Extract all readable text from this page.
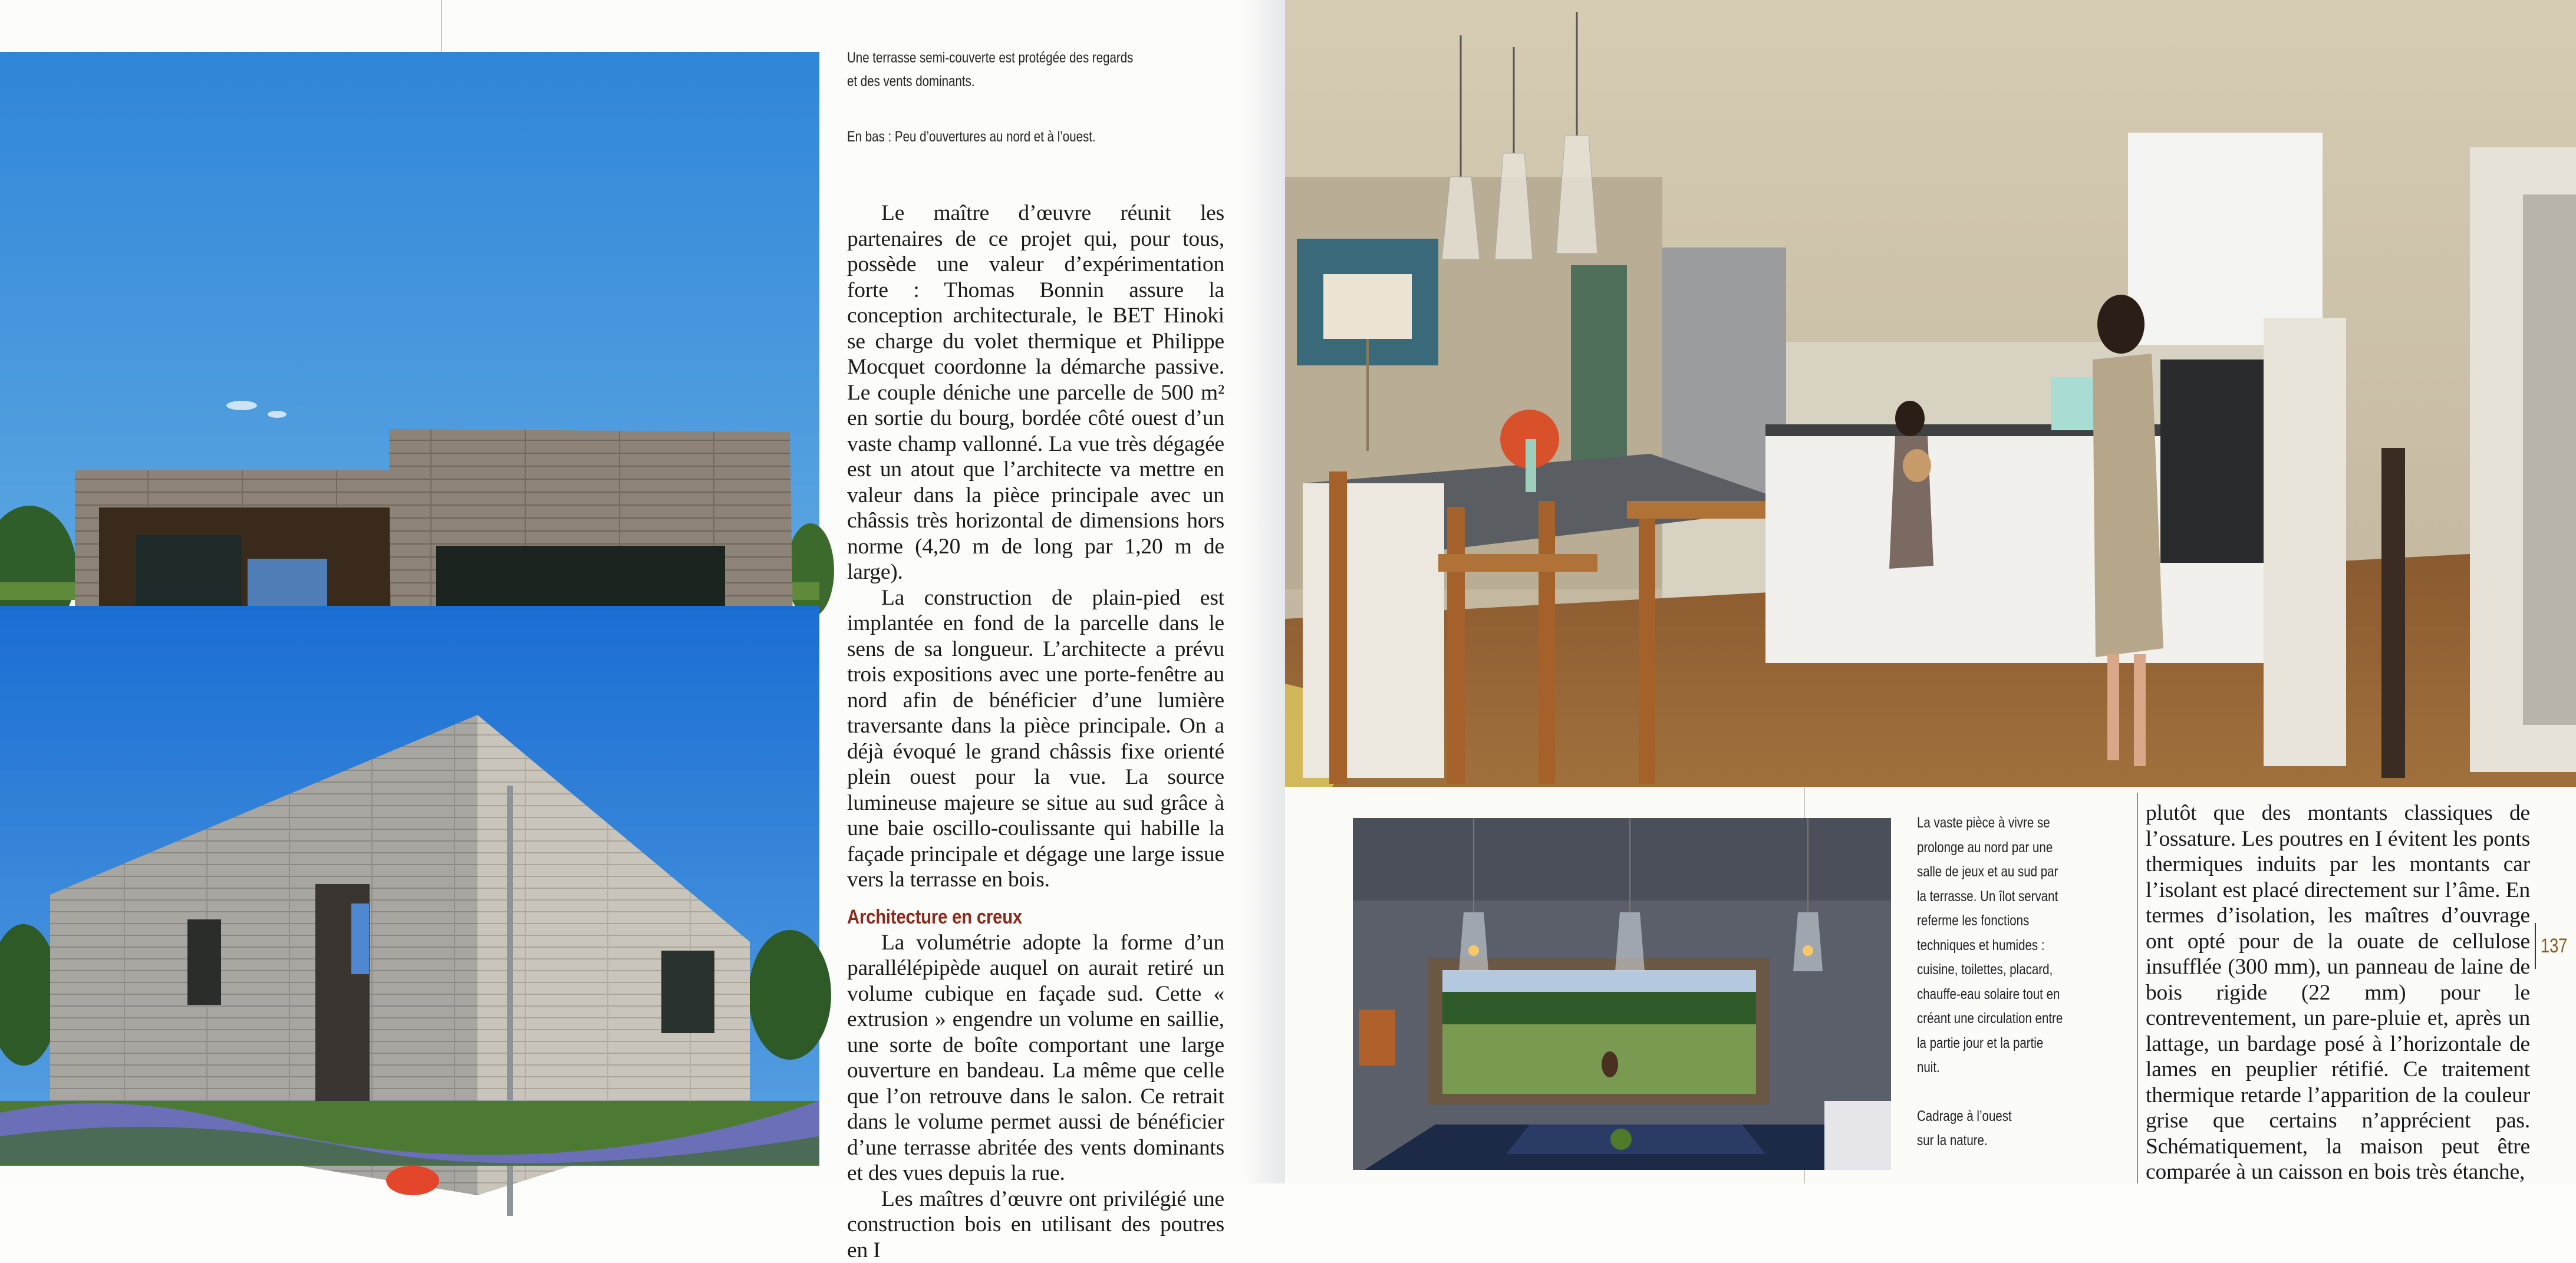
Une terrasse semi-couverte est protégée des regards
et des vents dominants.
En bas : Peu d’ouvertures au nord et à l’ouest.

Le maître d’œuvre réunit les partenaires de ce projet qui, pour tous, possède une valeur d’expérimentation forte : Thomas Bonnin assure la conception architecturale, le BET Hinoki se charge du volet thermique et Philippe Mocquet coordonne la démarche passive. Le couple déniche une parcelle de 500 m² en sortie du bourg, bordée côté ouest d’un vaste champ vallonné. La vue très dégagée est un atout que l’architecte va mettre en valeur dans la pièce principale avec un châssis très horizontal de dimensions hors norme (4,20 m de long par 1,20 m de large).

La construction de plain-pied est implantée en fond de la parcelle dans le sens de sa longueur. L’architecte a prévu trois expositions avec une porte-fenêtre au nord afin de bénéficier d’une lumière traversante dans la pièce principale. On a déjà évoqué le grand châssis fixe orienté plein ouest pour la vue. La source lumineuse majeure se situe au sud grâce à une baie oscillo-coulissante qui habille la façade principale et dégage une large issue vers la terrasse en bois.

Architecture en creux

La volumétrie adopte la forme d’un parallélépipède auquel on aurait retiré un volume cubique en façade sud. Cette « extrusion » engendre un volume en saillie, une sorte de boîte comportant une large ouverture en bandeau. La même que celle que l’on retrouve dans le salon. Ce retrait dans le volume permet aussi de bénéficier d’une terrasse abritée des vents dominants et des vues depuis la rue.

Les maîtres d’œuvre ont privilégié une construction bois en utilisant des poutres en I

La vaste pièce à vivre se
prolonge au nord par une
salle de jeux et au sud par
la terrasse. Un îlot servant
referme les fonctions
techniques et humides :
cuisine, toilettes, placard,
chauffe-eau solaire tout en
créant une circulation entre
la partie jour et la partie
nuit.
Cadrage à l’ouest
sur la nature.

plutôt que des montants classiques de l’ossature. Les poutres en I évitent les ponts thermiques induits par les montants car l’isolant est placé directement sur l’âme. En termes d’isolation, les maîtres d’ouvrage ont opté pour de la ouate de cellulose insufflée (300 mm), un panneau de laine de bois rigide (22 mm) pour le contreventement, un pare-pluie et, après un lattage, un bardage posé à l’horizontale de lames en peuplier rétifié. Ce traitement thermique retarde l’apparition de la couleur grise que certains n’apprécient pas. Schématiquement, la maison peut être comparée à un caisson en bois très étanche,

137
